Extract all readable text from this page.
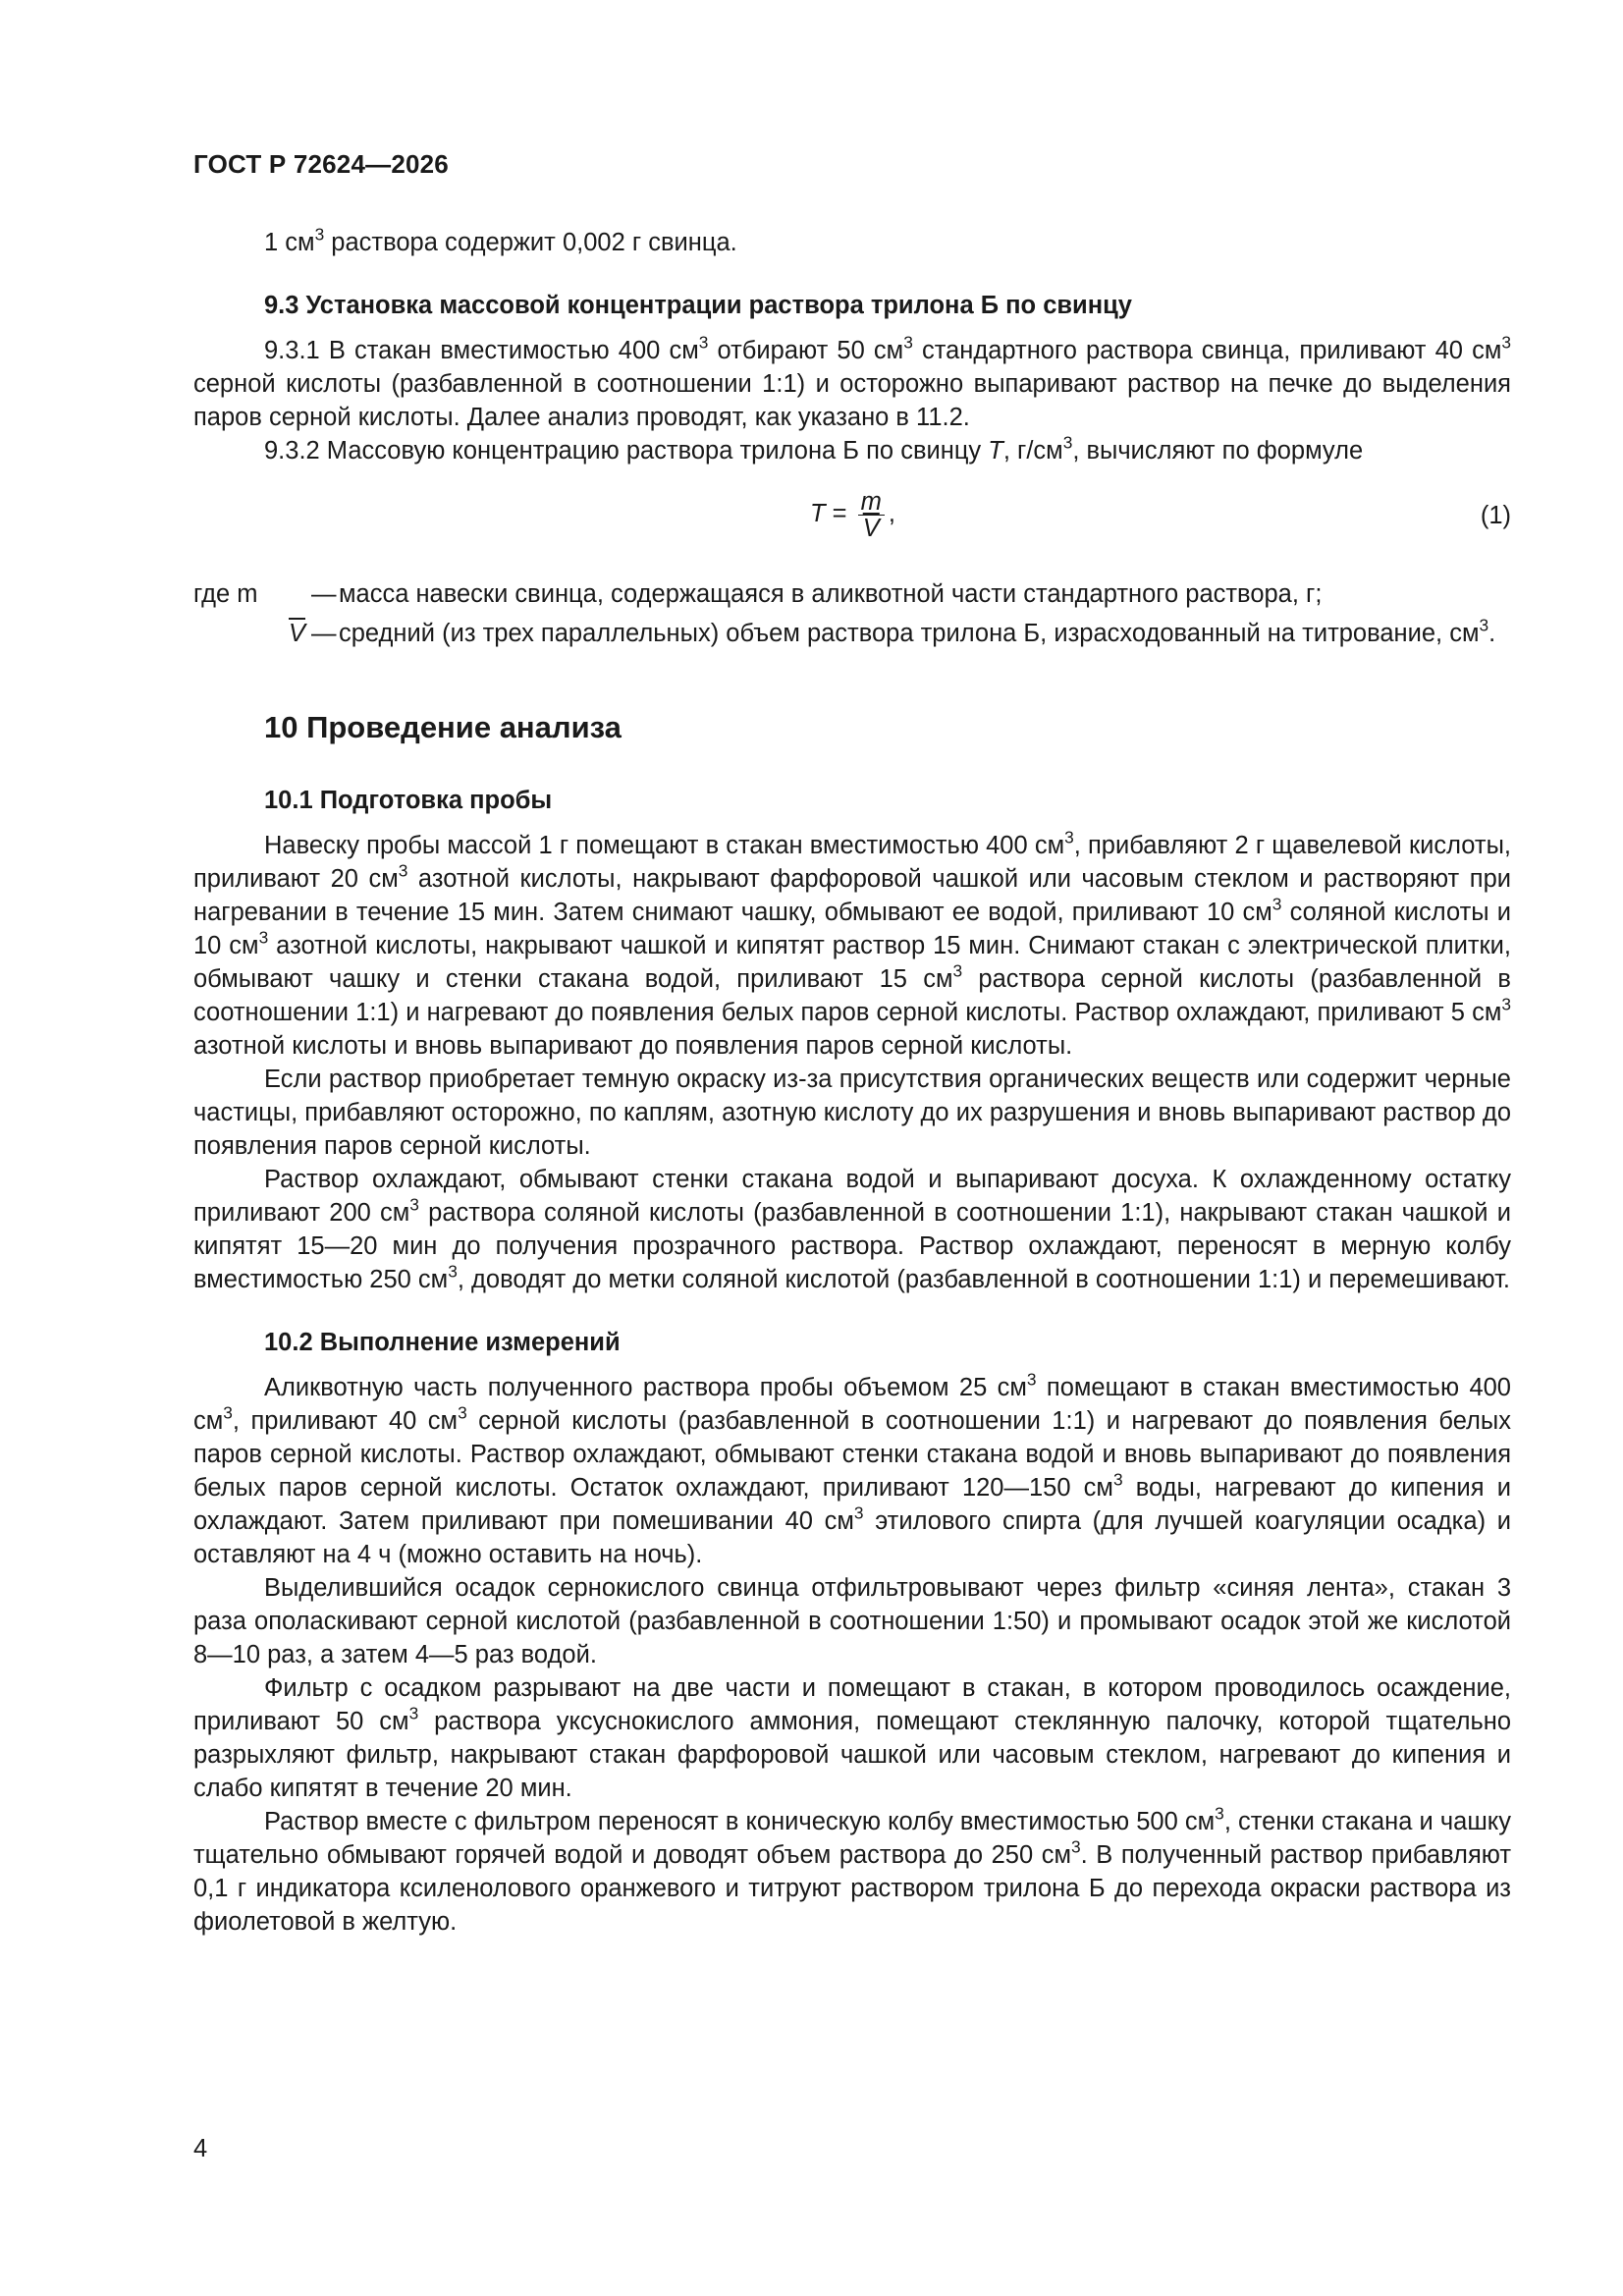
ГОСТ Р 72624—2026

1 $см^3$ раствора содержит 0,002 г свинца.

9.3 Установка массовой концентрации раствора трилона Б по свинцу

9.3.1 В стакан вместимостью 400 $см^3$ отбирают 50 $см^3$ стандартного раствора свинца, приливают 40 $см^3$ серной кислоты (разбавленной в соотношении 1:1) и осторожно выпаривают раствор на печке до выделения паров серной кислоты. Далее анализ проводят, как указано в 11.2.

9.3.2 Массовую концентрацию раствора трилона Б по свинцу T, $г/см^3$, вычисляют по формуле

$T = \frac{m}{V}$ ,	(1)
где m	— масса навески свинца, содержащаяся в аликвотной части стандартного раствора, г;
$\overline{V}$ — средний (из трех параллельных) объем раствора трилона Б, израсходованный на титрование, $см^3$.
10 Проведение анализа
10.1 Подготовка пробы

Навеску пробы массой 1 г помещают в стакан вместимостью 400 $см^3$, прибавляют 2 г щавелевой кислоты, приливают 20 $см^3$ азотной кислоты, накрывают фарфоровой чашкой или часовым стеклом и растворяют при нагревании в течение 15 мин. Затем снимают чашку, обмывают ее водой, приливают 10 $см^3$ соляной кислоты и 10 $см^3$ азотной кислоты, накрывают чашкой и кипятят раствор 15 мин. Снимают стакан с электрической плитки, обмывают чашку и стенки стакана водой, приливают 15 $см^3$ раствора серной кислоты (разбавленной в соотношении 1:1) и нагревают до появления белых паров серной кислоты. Раствор охлаждают, приливают 5 $см^3$ азотной кислоты и вновь выпаривают до появления паров серной кислоты.

Если раствор приобретает темную окраску из-за присутствия органических веществ или содержит черные частицы, прибавляют осторожно, по каплям, азотную кислоту до их разрушения и вновь выпаривают раствор до появления паров серной кислоты.

Раствор охлаждают, обмывают стенки стакана водой и выпаривают досуха. К охлажденному остатку приливают 200 $см^3$ раствора соляной кислоты (разбавленной в соотношении 1:1), накрывают стакан чашкой и кипятят 15—20 мин до получения прозрачного раствора. Раствор охлаждают, переносят в мерную колбу вместимостью 250 $см^3$, доводят до метки соляной кислотой (разбавленной в соотношении 1:1) и перемешивают.

10.2 Выполнение измерений

Аликвотную часть полученного раствора пробы объемом 25 $см^3$ помещают в стакан вместимостью 400 $см^3$, приливают 40 $см^3$ серной кислоты (разбавленной в соотношении 1:1) и нагревают до появления белых паров серной кислоты. Раствор охлаждают, обмывают стенки стакана водой и вновь выпаривают до появления белых паров серной кислоты. Остаток охлаждают, приливают 120—150 $см^3$ воды, нагревают до кипения и охлаждают. Затем приливают при помешивании 40 $см^3$ этилового спирта (для лучшей коагуляции осадка) и оставляют на 4 ч (можно оставить на ночь).

Выделившийся осадок сернокислого свинца отфильтровывают через фильтр «синяя лента», стакан 3 раза ополаскивают серной кислотой (разбавленной в соотношении 1:50) и промывают осадок этой же кислотой 8—10 раз, а затем 4—5 раз водой.

Фильтр с осадком разрывают на две части и помещают в стакан, в котором проводилось осаждение, приливают 50 $см^3$ раствора уксуснокислого аммония, помещают стеклянную палочку, которой тщательно разрыхляют фильтр, накрывают стакан фарфоровой чашкой или часовым стеклом, нагревают до кипения и слабо кипятят в течение 20 мин.

Раствор вместе с фильтром переносят в коническую колбу вместимостью 500 $см^3$, стенки стакана и чашку тщательно обмывают горячей водой и доводят объем раствора до 250 $см^3$. В полученный раствор прибавляют 0,1 г индикатора ксиленолового оранжевого и титруют раствором трилона Б до перехода окраски раствора из фиолетовой в желтую.

4
